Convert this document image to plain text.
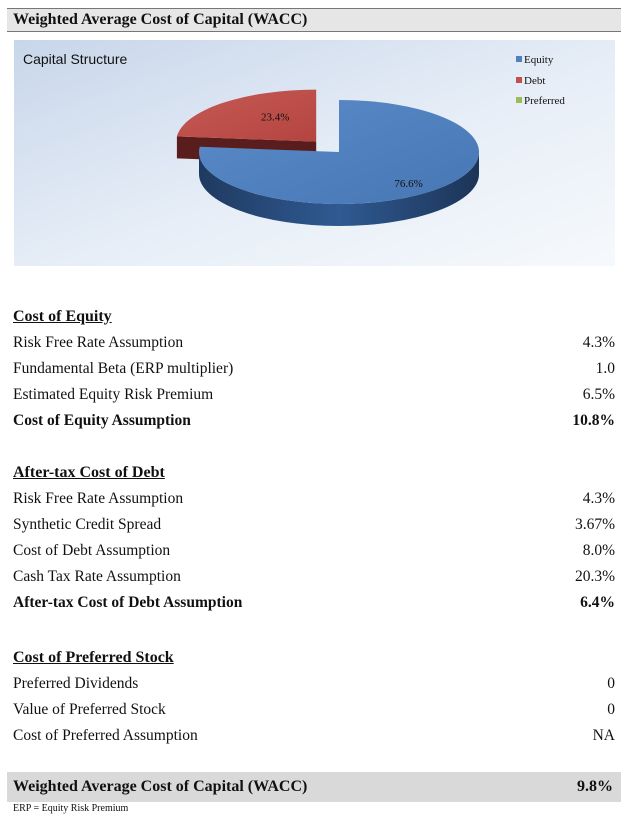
Weighted Average Cost of Capital (WACC)
Capital Structure
76.6%
23.4%
Equity
Debt
Preferred
Cost of Equity
Risk Free Rate Assumption	4.3%
Fundamental Beta (ERP multiplier)	1.0
Estimated Equity Risk Premium	6.5%
Cost of Equity Assumption	10.8%
After-tax Cost of Debt
Risk Free Rate Assumption	4.3%
Synthetic Credit Spread	3.67%
Cost of Debt Assumption	8.0%
Cash Tax Rate Assumption	20.3%
After-tax Cost of Debt Assumption	6.4%
Cost of Preferred Stock
Preferred Dividends	0
Value of Preferred Stock	0
Cost of Preferred Assumption	NA
Weighted Average Cost of Capital (WACC)	9.8%
ERP = Equity Risk Premium
